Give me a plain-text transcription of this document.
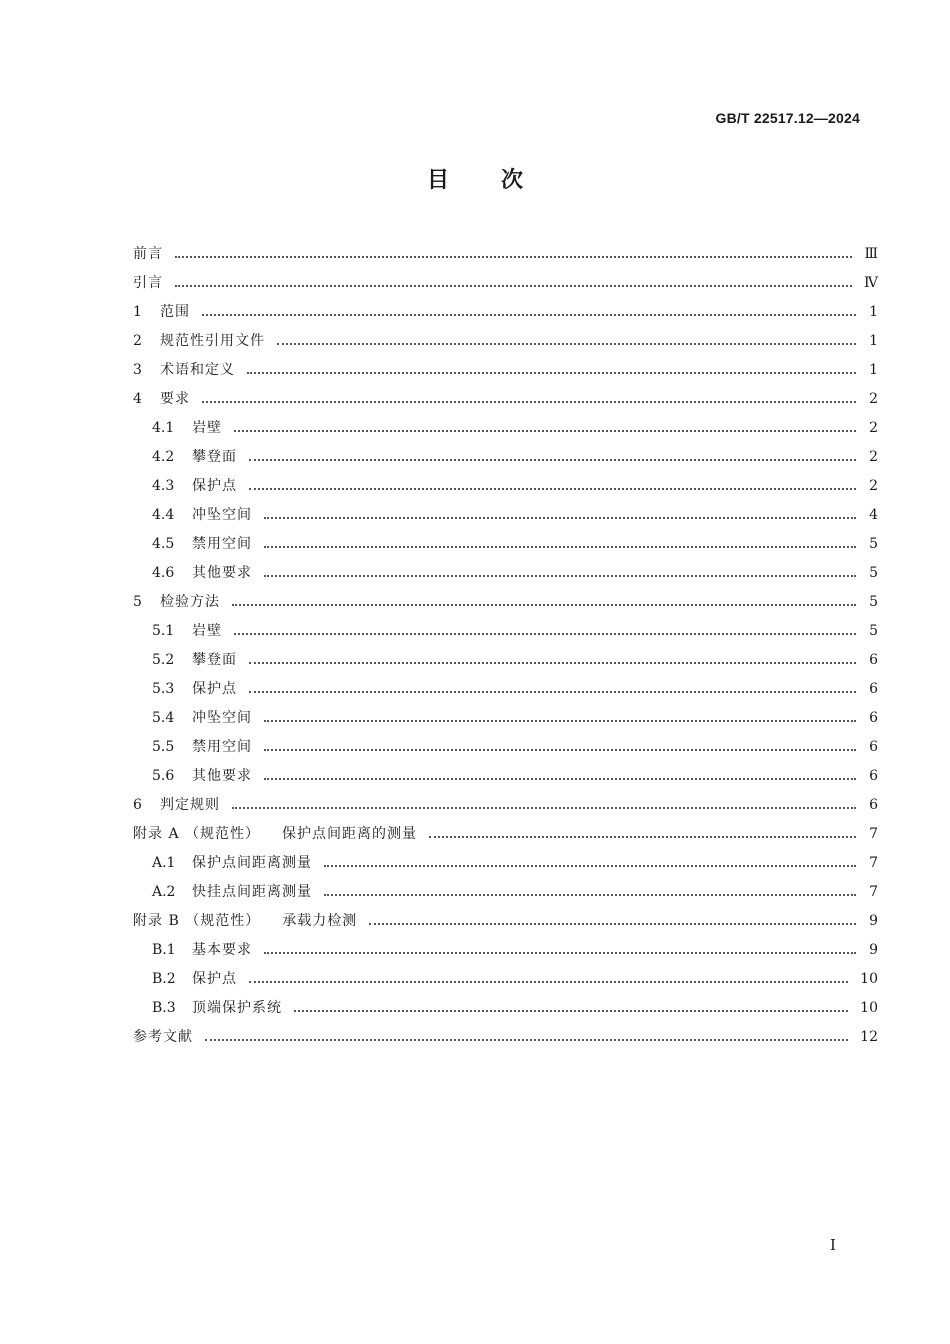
GB/T 22517.12—2024
目 次
前言	Ⅲ
引言	Ⅳ
1	范围	1
2	规范性引用文件	1
3	术语和定义	1
4	要求	2
4.1	岩壁	2
4.2	攀登面	2
4.3	保护点	2
4.4	冲坠空间	4
4.5	禁用空间	5
4.6	其他要求	5
5	检验方法	5
5.1	岩壁	5
5.2	攀登面	6
5.3	保护点	6
5.4	冲坠空间	6
5.5	禁用空间	6
5.6	其他要求	6
6	判定规则	6
附录 A （规范性） 保护点间距离的测量	7
A.1	保护点间距离测量	7
A.2	快挂点间距离测量	7
附录 B （规范性） 承载力检测	9
B.1	基本要求	9
B.2	保护点	10
B.3	顶端保护系统	10
参考文献	12
I
